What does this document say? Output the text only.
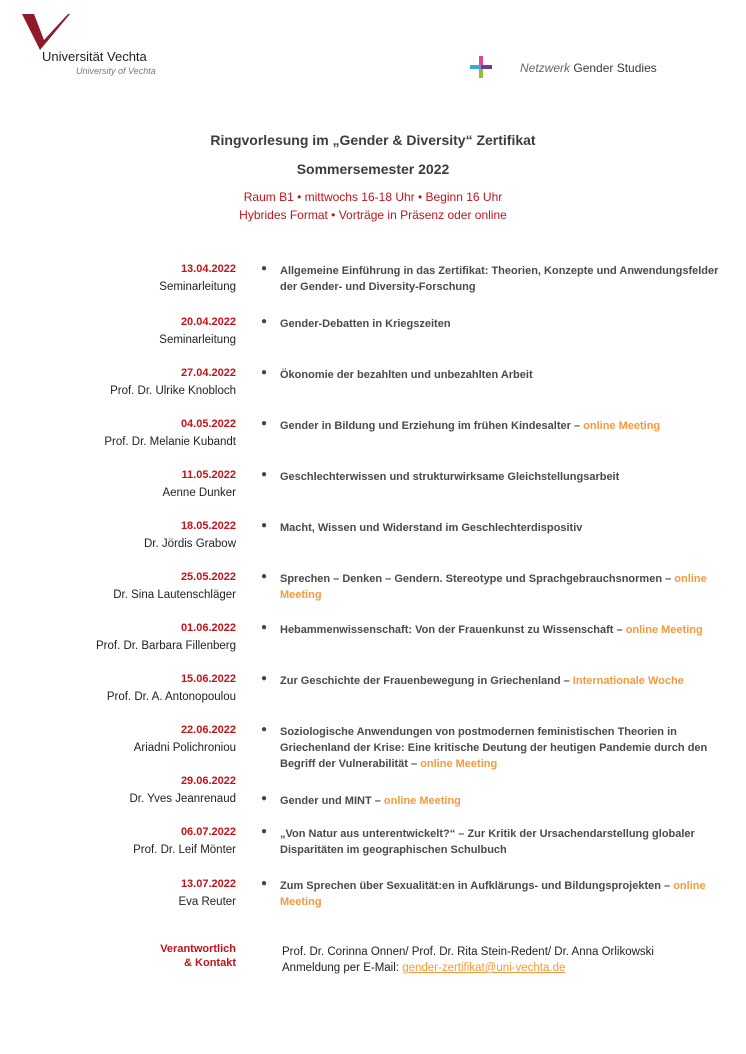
Universität Vechta
University of Vechta	Netzwerk Gender Studies
Ringvorlesung im „Gender & Diversity“ Zertifikat
Sommersemester 2022
Raum B1 • mittwochs 16-18 Uhr • Beginn 16 Uhr
Hybrides Format • Vorträge in Präsenz oder online
13.04.2022
Seminarleitung
● Allgemeine Einführung in das Zertifikat: Theorien, Konzepte und Anwendungsfelder der Gender- und Diversity-Forschung
20.04.2022
Seminarleitung
● Gender-Debatten in Kriegszeiten
27.04.2022
Prof. Dr. Ulrike Knobloch
● Ökonomie der bezahlten und unbezahlten Arbeit
04.05.2022
Prof. Dr. Melanie Kubandt
● Gender in Bildung und Erziehung im frühen Kindesalter – online Meeting
11.05.2022
Aenne Dunker
● Geschlechterwissen und strukturwirksame Gleichstellungsarbeit
18.05.2022
Dr. Jördis Grabow
● Macht, Wissen und Widerstand im Geschlechterdispositiv
25.05.2022
Dr. Sina Lautenschläger
● Sprechen – Denken – Gendern. Stereotype und Sprachgebrauchsnormen – online Meeting
01.06.2022
Prof. Dr. Barbara Fillenberg
● Hebammenwissenschaft: Von der Frauenkunst zu Wissenschaft – online Meeting
15.06.2022
Prof. Dr. A. Antonopoulou
● Zur Geschichte der Frauenbewegung in Griechenland – Internationale Woche
22.06.2022
Ariadni Polichroniou
● Soziologische Anwendungen von postmodernen feministischen Theorien in Griechenland der Krise: Eine kritische Deutung der heutigen Pandemie durch den Begriff der Vulnerabilität – online Meeting
29.06.2022
Dr. Yves Jeanrenaud	● Gender und MINT – online Meeting
06.07.2022
Prof. Dr. Leif Mönter
● „Von Natur aus unterentwickelt?“ – Zur Kritik der Ursachendarstellung globaler Disparitäten im geographischen Schulbuch
13.07.2022
Eva Reuter
● Zum Sprechen über Sexualität:en in Aufklärungs- und Bildungsprojekten – online Meeting
Verantwortlich
& Kontakt
Prof. Dr. Corinna Onnen/ Prof. Dr. Rita Stein-Redent/ Dr. Anna Orlikowski
Anmeldung per E-Mail: gender-zertifikat@uni-vechta.de
